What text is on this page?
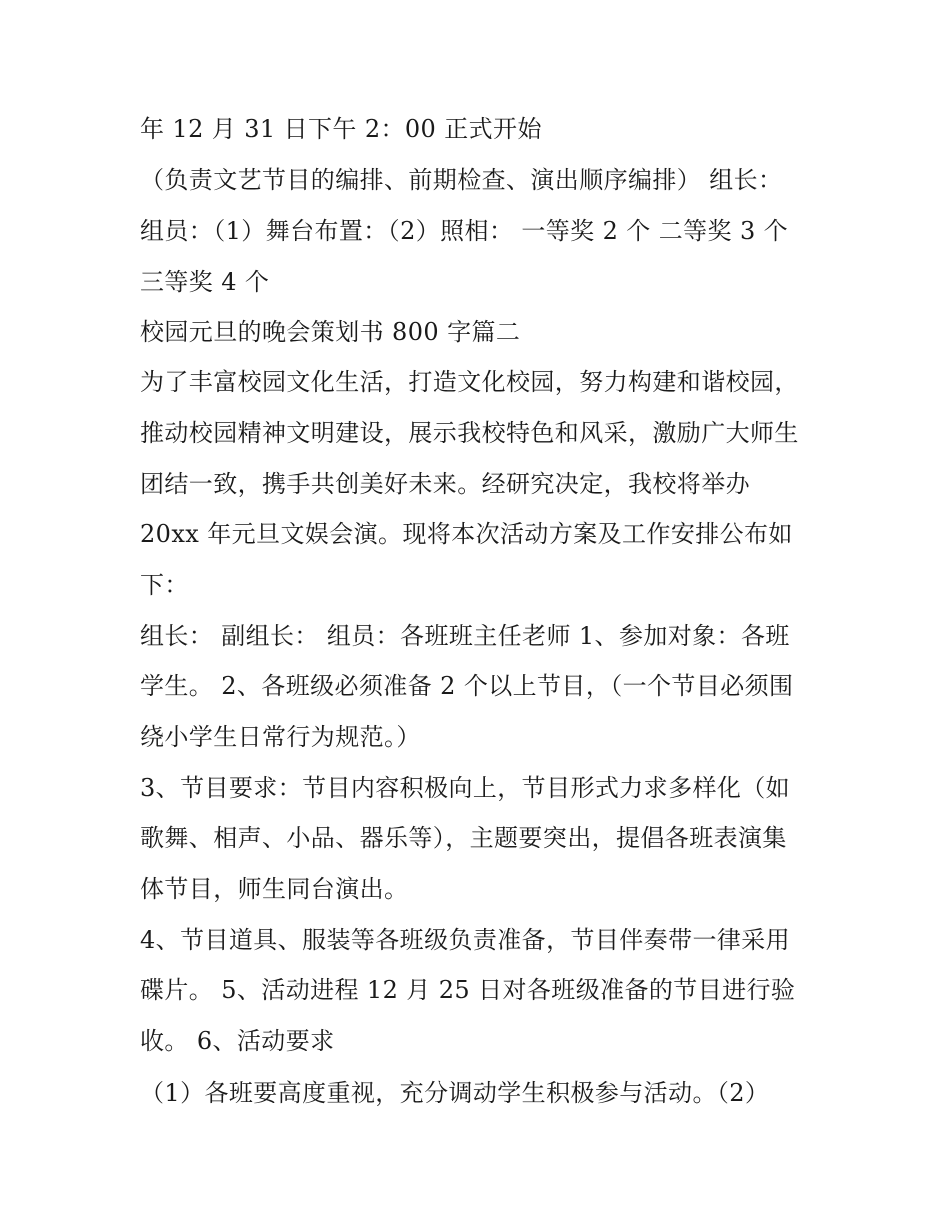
年 12 月 31 日下午 2：00 正式开始
（负责文艺节目的编排、前期检查、演出顺序编排） 组长：
组员：（1）舞台布置：（2）照相： 一等奖 2 个 二等奖 3 个
三等奖 4 个
校园元旦的晚会策划书 800 字篇二
为了丰富校园文化生活，打造文化校园，努力构建和谐校园，
推动校园精神文明建设，展示我校特色和风采，激励广大师生
团结一致，携手共创美好未来。经研究决定，我校将举办
20xx 年元旦文娱会演。现将本次活动方案及工作安排公布如
下：
组长： 副组长： 组员：各班班主任老师 1、参加对象：各班
学生。 2、各班级必须准备 2 个以上节目，（一个节目必须围
绕小学生日常行为规范。）
3、节目要求：节目内容积极向上，节目形式力求多样化（如
歌舞、相声、小品、器乐等），主题要突出，提倡各班表演集
体节目，师生同台演出。
4、节目道具、服装等各班级负责准备，节目伴奏带一律采用
碟片。 5、活动进程 12 月 25 日对各班级准备的节目进行验
收。 6、活动要求
（1）各班要高度重视，充分调动学生积极参与活动。（2）
